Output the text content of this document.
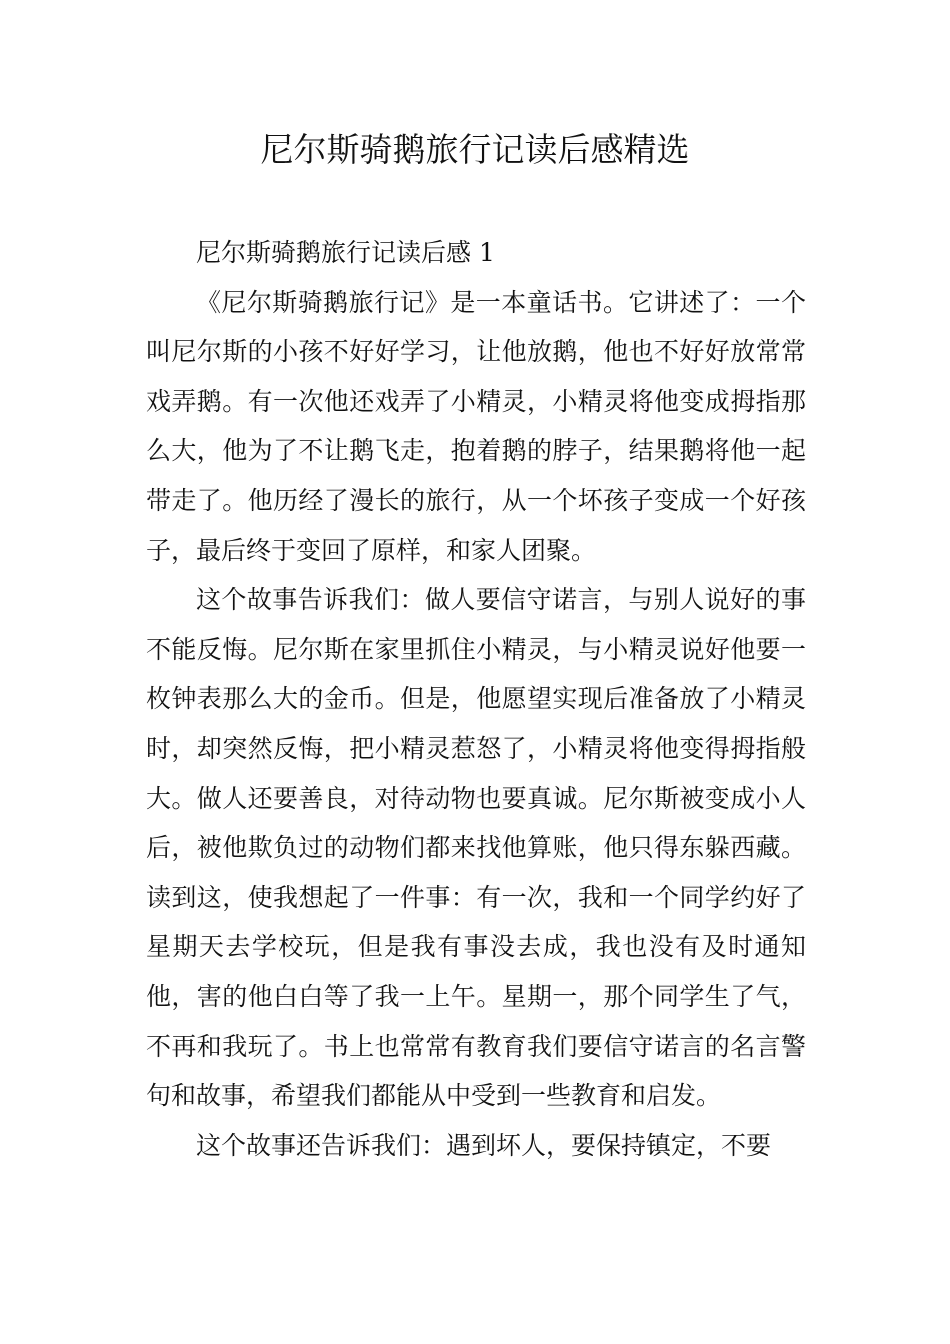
尼尔斯骑鹅旅行记读后感精选

尼尔斯骑鹅旅行记读后感 1

《尼尔斯骑鹅旅行记》是一本童话书。它讲述了：一个叫尼尔斯的小孩不好好学习，让他放鹅，他也不好好放常常戏弄鹅。有一次他还戏弄了小精灵，小精灵将他变成拇指那么大，他为了不让鹅飞走，抱着鹅的脖子，结果鹅将他一起带走了。他历经了漫长的旅行，从一个坏孩子变成一个好孩子，最后终于变回了原样，和家人团聚。

这个故事告诉我们：做人要信守诺言，与别人说好的事不能反悔。尼尔斯在家里抓住小精灵，与小精灵说好他要一枚钟表那么大的金币。但是，他愿望实现后准备放了小精灵时，却突然反悔，把小精灵惹怒了，小精灵将他变得拇指般大。做人还要善良，对待动物也要真诚。尼尔斯被变成小人后，被他欺负过的动物们都来找他算账，他只得东躲西藏。读到这，使我想起了一件事：有一次，我和一个同学约好了星期天去学校玩，但是我有事没去成，我也没有及时通知他，害的他白白等了我一上午。星期一，那个同学生了气，不再和我玩了。书上也常常有教育我们要信守诺言的名言警句和故事，希望我们都能从中受到一些教育和启发。

这个故事还告诉我们：遇到坏人，要保持镇定，不要
